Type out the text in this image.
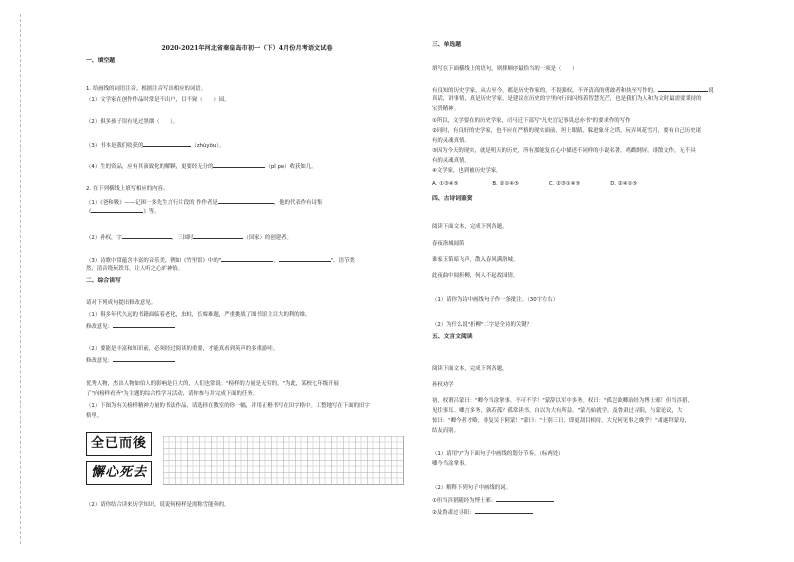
2020-2021年河北省秦皇岛市初一（下）4月份月考语文试卷
一、填空题
1. 给画线的词语注音，根据注音写出相应的词语。
（1）文学家在创作作品时常是不出户，目不窥（　　）园。
（2）俱多孩子误有见过黑烟（　　）。
（3）书本是我们收获的	（zhùyōu）。
（4）生的资品，应有其演致化的解颗，更要经无分的	（pǐ pe）收获如几。
2. 在下列横线上填写相应的内容。
（1）《爸和吸》——记困一多先生言行片段的 作作者是	，他的代表作有诗集
《	》等。
（2）孙权，字	，三国时	（国家）的创建者。
（3）诗歌中常蕴含丰富的音乐美，例如《竹里馆》中的"	，	"，语节类
然，清音绕玩铁耳，让人听之心旷神怡。
二、综合读写
请对下列成句提出修改意见。
（1）俱多年代久远的书籍面临着老化，虫蛀，长霉难题，严重挑战了图书馆主目大的利的维。
修改意见：
（2）要能是丰富和知识前，必须经过阅读的重要，才能真看到英声的多重游哇。
修改意见：
优秀人物，杰出人物如伯人的影响是巨大的，人们也常说："榜样的力量是无穷的。"为此，某校七年级开展
了"向榜样看齐"为主题的综合性学习活动，请你参与并完成下面的任务。
（1）下图为有关榜样精神力量的书法作品，请选择在教室的你一幅，并用正楷书写在田字格中。工整地写在下面的田字
格里。
（2）请你结合读来历学知识，说说何榜样是需称雪能奔的。
全已而後
懈心死去
三、单选题
填写在下面横线上的语句，则排顺序最恰当的一项是（　　）
有良知的历史学家，从古至今，都是历史作家的，不畏强权，不齐清高的勇敢者和执至写作的。	说
真话，讲事情，真是历史学家，是建议在历史的字里向行间闪烁着智慧光芒，也是我们为人和为文时最需要秉持的
宝贵精神。
①所以，文学要在的历史学家，司马迁下部写"凡史官记事畏忌亦书"的要求作的写作
②同时，有良好的史学家，也不应在严格的现实面前，坦上眼睛，躲进象牙之塔，玩弄风花雪月，要有自己历史诸
有的灵魂真情。
③因为今天的现实，就是明天的历史，所有那能复在心中描述不同样的小说名著，鸡戳纲屏，诽散文作，无不具
有的灵魂真情。
④文学家，也到被历史学家。
A. ①③④⑤	B. ②①④⑤	C. ②③①④⑤	D. ②④①⑤
四、古诗词鉴赏
阅读下面文本，完成下列各题。
春夜洛城闻笛
谁家玉笛暗飞声，散入春风满洛城。
此夜曲中闻折柳，何人不起故园情。
（1）请你为诗中画线句子作一条批注。（30字左右）
（2）为什么说"折柳"二字是全诗的关键？
五、文言文阅读
阅读下面文本，完成下列各题。
孙权劝学
初，权谓吕蒙曰："卿今当涂掌事，不可不学！"蒙辞以军中多务。权曰："孤岂欲卿治经为博士邪！但当涉猎，
见往事耳。卿言多务，孰若孤？孤常读书，自以为大有所益。"蒙乃始就学。及鲁肃过寻阳，与蒙论议，大
惊曰："卿今者才略，非复吴下阿蒙！"蒙曰："士别三日，即更刮目相待，大兄何见事之晚乎！"肃遂拜蒙母，
结友而别。
（1）请用"/"为下面句子中画线的划分节奏。（标两处）
卿今当涂掌事。
（2）解释下列句子中画线的词。
①但当涉猎随经为博士邪：
②及鲁肃过寻阳：
